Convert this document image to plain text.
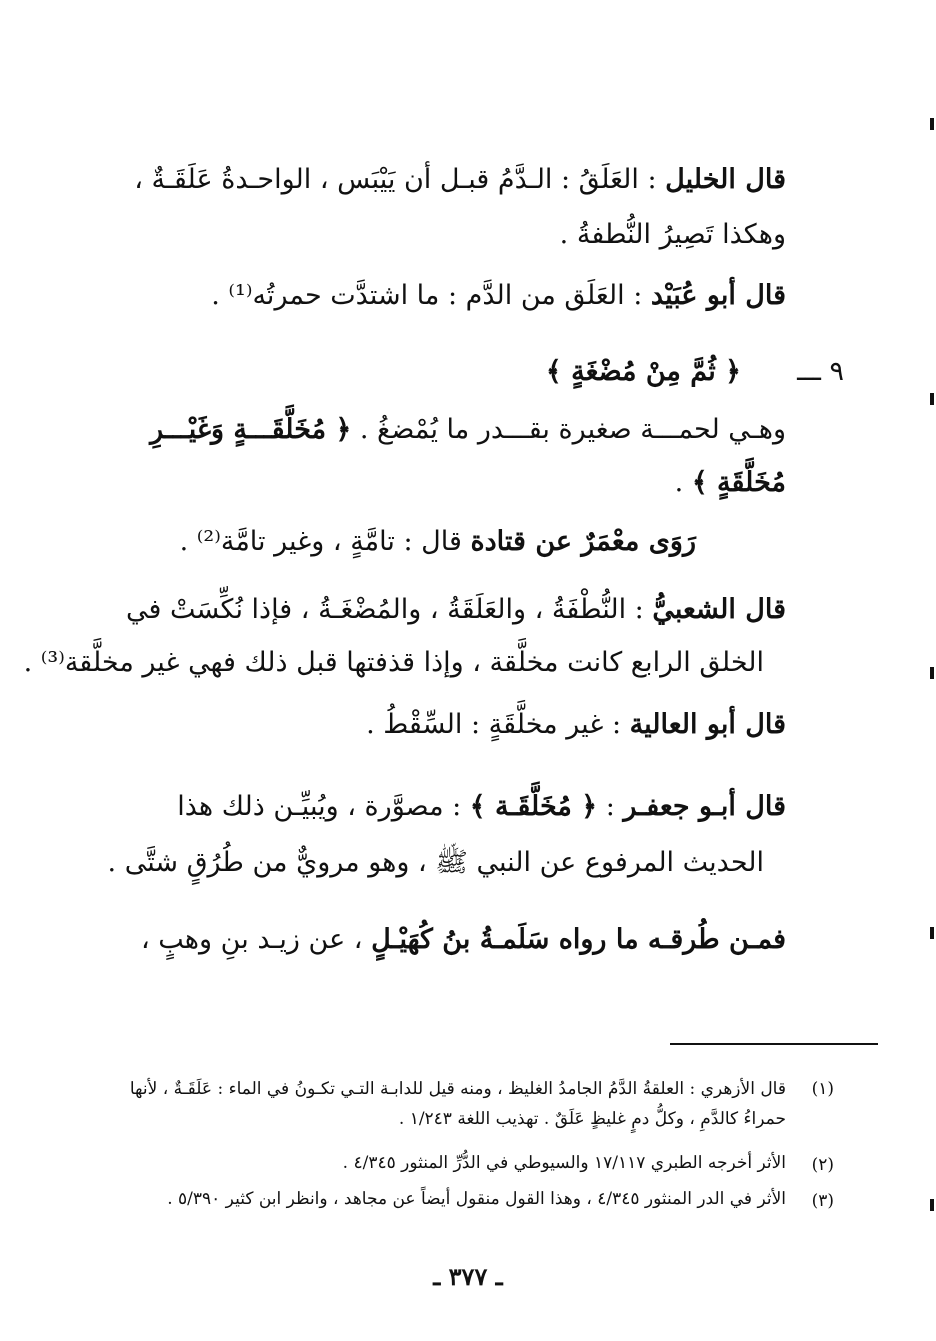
قال الخليل : العَلَقُ : الـدَّمُ قبـل أن يَيْبَس ، الواحـدةُ عَلَقَـةٌ ،
وهكذا تَصِيرُ النُّطفةُ .
قال أبو عُبَيْد : العَلَق من الدَّم : ما اشتدَّت حمرتُه⁽¹⁾ .
٩ ـــ
﴿ ثُمَّ مِنْ مُضْغَةٍ ﴾
وهـي لحمـــة صغيرة بقـــدر ما يُمْضغُ . ﴿ مُخَلَّقَـــةٍ وَغَيْـــرِ
مُخَلَّقَةٍ ﴾ .
رَوَى معْمَرٌ عن قتادة قال : تامَّةٍ ، وغير تامَّة⁽²⁾ .
قال الشعبيُّ : النُّطْفَةُ ، والعَلَقَةُ ، والمُضْغَـةُ ، فإذا نُكِّسَتْ في
الخلق الرابع كانت مخلَّقة ، وإذا قذفتها قبل ذلك فهي غير مخلَّقة⁽³⁾ .
قال أبو العالية : غير مخلَّقَةٍ : السِّقْطُ .
قال أبـو جعفـر : ﴿ مُخَلَّقَـة ﴾ : مصوَّرة ، ويُبيِّـن ذلك هذا
الحديث المرفوع عن النبي ﷺ ، وهو مرويٌّ من طُرُقٍ شتَّى .
فمـن طُرقـه ما رواه سَلَمـةُ بنُ كُهَيْـلٍ ، عن زيـد بنِ وهبٍ ،
(١)
قال الأزهري : العلقةُ الدَّمُ الجامدُ الغليظ ، ومنه قيل للدابـة التـي تكـونُ في الماء : عَلَقَـةٌ ، لأنها
حمراءُ كالدَّمِ ، وكلُّ دمٍ غليظٍ عَلَقٌ . تهذيب اللغة ١/٢٤٣ .
(٢)
الأثر أخرجه الطبري ١٧/١١٧ والسيوطي في الدُّرِّ المنثور ٤/٣٤٥ .
(٣)
الأثر في الدر المنثور ٤/٣٤٥ ، وهذا القول منقول أيضاً عن مجاهد ، وانظر ابن كثير ٥/٣٩٠ .
ـ ٣٧٧ ـ
